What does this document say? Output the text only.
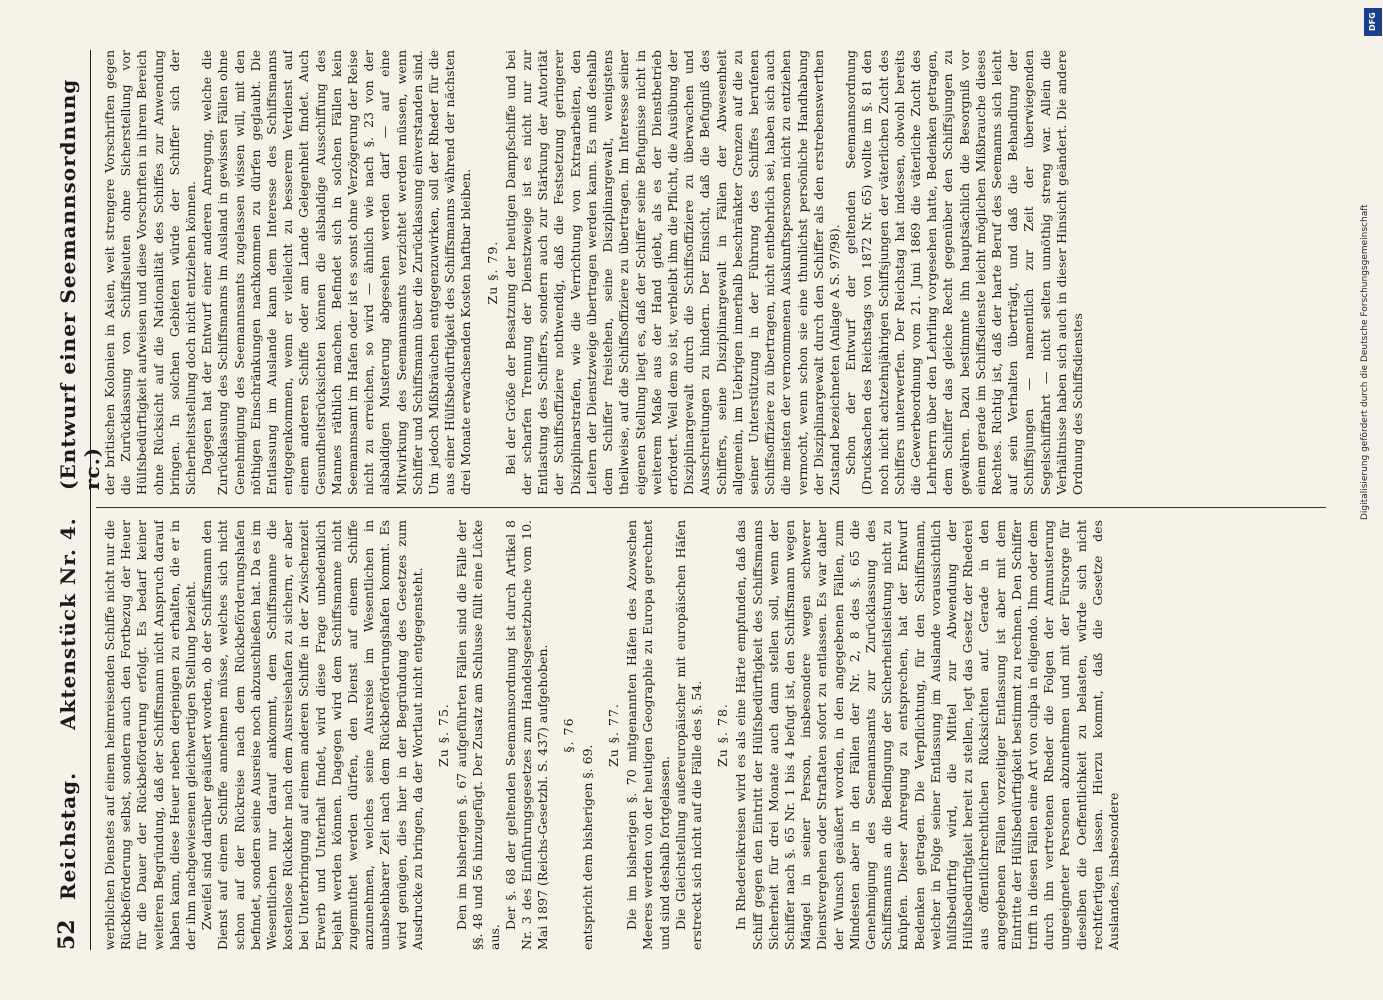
52
Reichstag.
Aktenstück Nr. 4.
(Entwurf einer Seemannsordnung rc.)

werblichen Dienstes auf einem heimreisenden Schiffe nicht nur die Rückbeförderung selbst, sondern auch den Fortbezug der Heuer für die Dauer der Rückbeförderung erfolgt. Es bedarf keiner weiteren Begründung, daß der Schiffsmann nicht Anspruch darauf haben kann, diese Heuer neben derjenigen zu erhalten, die er in der ihm nachgewiesenen gleichwertigen Stellung bezieht. Zweifel sind darüber geäußert worden, ob der Schiffsmann den Dienst auf einem Schiffe annehmen müsse, welches sich nicht schon auf der Rückreise nach dem Rückbeförderungshafen befindet, sondern seine Ausreise noch abzuschließen hat. Da es im Wesentlichen nur darauf ankommt, dem Schiffsmanne die kostenlose Rückkehr nach dem Ausreisehafen zu sichern, er aber bei Unterbringung auf einem anderen Schiffe in der Zwischenzeit Erwerb und Unterhalt findet, wird diese Frage unbedenklich bejaht werden können. Dagegen wird dem Schiffsmanne nicht zugemuthet werden dürfen, den Dienst auf einem Schiffe anzunehmen, welches seine Ausreise im Wesentlichen in unabsehbarer Zeit nach dem Rückbeförderungshafen kommt. Es wird genügen, dies hier in der Begründung des Gesetzes zum Ausdrucke zu bringen, da der Wortlaut nicht entgegensteht. Zu §. 75. Den im bisherigen §. 67 aufgeführten Fällen sind die Fälle der §§. 48 und 56 hinzugefügt. Der Zusatz am Schlusse füllt eine Lücke aus.

Der §. 68 der geltenden Seemannsordnung ist durch Artikel 8 Nr. 3 des Einführungsgesetzes zum Handelsgesetzbuche vom 10. Mai 1897 (Reichs-Gesetzbl. S. 437) aufgehoben. §. 76

entspricht dem bisherigen §. 69.

Zu §. 77. Die im bisherigen §. 70 mitgenannten Häfen des Azowschen Meeres werden von der heutigen Geographie zu Europa gerechnet und sind deshalb fortgelassen. Die Gleichstellung außereuropäischer mit europäischen Häfen erstreckt sich nicht auf die Fälle des §. 54. Zu §. 78. In Rhedereikreisen wird es als eine Härte empfunden, daß das Schiff gegen den Eintritt der Hülfsbedürftigkeit des Schiffsmanns Sicherheit für drei Monate auch dann stellen soll, wenn der Schiffer nach §. 65 Nr. 1 bis 4 befugt ist, den Schiffsmann wegen Mängel in seiner Person, insbesondere wegen schwerer Dienstvergehen oder Straftaten sofort zu entlassen. Es war daher der Wunsch geäußert worden, in den angegebenen Fällen, zum Mindesten aber in den Fällen der Nr. 2, 8 des §. 65 die Genehmigung des Seemannsamts zur Zurücklassung des Schiffsmanns an die Bedingung der Sicherheitsleistung nicht zu knüpfen. Dieser Anregung zu entsprechen, hat der Entwurf Bedenken getragen. Die Verpflichtung, für den Schiffsmann, welcher in Folge seiner Entlassung im Auslande voraussichtlich hülfsbedürftig wird, die Mittel zur Abwendung der Hülfsbedürftigkeit bereit zu stellen, legt das Gesetz der Rhederei aus öffentlichrechtlichen Rücksichten auf. Gerade in den angegebenen Fällen vorzeitiger Entlassung ist aber mit dem Eintritte der Hülfsbedürftigkeit bestimmt zu rechnen. Den Schiffer trifft in diesen Fällen eine Art von culpa in eligendo. Ihm oder dem durch ihn vertretenen Rheder die Folgen der Anmusterung ungeeigneter Personen abzunehmen und mit der Fürsorge für dieselben die Oeffentlichkeit zu belasten, würde sich nicht rechtfertigen lassen. Hierzu kommt, daß die Gesetze des Auslandes, insbesondere

der britischen Kolonien in Asien, weit strengere Vorschriften gegen die Zurücklassung von Schiffsleuten ohne Sicherstellung vor Hülfsbedürftigkeit aufweisen und diese Vorschriften in ihrem Bereich ohne Rücksicht auf die Nationalität des Schiffes zur Anwendung bringen. In solchen Gebieten würde der Schiffer sich der Sicherheitsstellung doch nicht entziehen können. Dagegen hat der Entwurf einer anderen Anregung, welche die Zurücklassung des Schiffsmanns im Ausland in gewissen Fällen ohne Genehmigung des Seemannsamts zugelassen wissen will, mit den nöthigen Einschränkungen nachkommen zu dürfen geglaubt. Die Entlassung im Auslande kann dem Interesse des Schiffsmanns entgegenkommen, wenn er vielleicht zu besserem Verdienst auf einem anderen Schiffe oder am Lande Gelegenheit findet. Auch Gesundheitsrücksichten können die alsbaldige Ausschiffung des Mannes räthlich machen. Befindet sich in solchen Fällen kein Seemannsamt im Hafen oder ist es sonst ohne Verzögerung der Reise nicht zu erreichen, so wird — ähnlich wie nach §. 23 von der alsbaldigen Musterung abgesehen werden darf — auf eine Mitwirkung des Seemannsamts verzichtet werden müssen, wenn Schiffer und Schiffsmann über die Zurücklassung einverstanden sind. Um jedoch Mißbräuchen entgegenzuwirken, soll der Rheder für die aus einer Hülfsbedürftigkeit des Schiffsmanns während der nächsten drei Monate erwachsenden Kosten haftbar bleiben. Zu §. 79. Bei der Größe der Besatzung der heutigen Dampfschiffe und bei der scharfen Trennung der Dienstzweige ist es nicht nur zur Entlastung des Schiffers, sondern auch zur Stärkung der Autorität der Schiffsoffiziere nothwendig, daß die Festsetzung geringerer Disziplinarstrafen, wie die Verrichtung von Extraarbeiten, den Leitern der Dienstzweige übertragen werden kann. Es muß deshalb dem Schiffer freistehen, seine Disziplinargewalt, wenigstens theilweise, auf die Schiffsoffiziere zu übertragen. Im Interesse seiner eigenen Stellung liegt es, daß der Schiffer seine Befugnisse nicht in weiterem Maße aus der Hand giebt, als es der Dienstbetrieb erfordert. Weil dem so ist, verbleibt ihm die Pflicht, die Ausübung der Disziplinargewalt durch die Schiffsoffiziere zu überwachen und Ausschreitungen zu hindern. Der Einsicht, daß die Befugniß des Schiffers, seine Disziplinargewalt in Fällen der Abwesenheit allgemein, im Uebrigen innerhalb beschränkter Grenzen auf die zu seiner Unterstützung in der Führung des Schiffes berufenen Schiffsoffiziere zu übertragen, nicht entbehrlich sei, haben sich auch die meisten der vernommenen Auskunftspersonen nicht zu entziehen vermocht, wenn schon sie eine thunlichst persönliche Handhabung der Disziplinargewalt durch den Schiffer als den erstrebenswerthen Zustand bezeichneten (Anlage A S. 97/98). Schon der Entwurf der geltenden Seemannsordnung (Drucksachen des Reichstags von 1872 Nr. 65) wollte im §. 81 den noch nicht achtzehnjährigen Schiffsjungen der väterlichen Zucht des Schiffers unterwerfen. Der Reichstag hat indessen, obwohl bereits die Gewerbeordnung vom 21. Juni 1869 die väterliche Zucht des Lehrherrn über den Lehrling vorgesehen hatte, Bedenken getragen, dem Schiffer das gleiche Recht gegenüber den Schiffsjungen zu gewähren. Dazu bestimmte ihn hauptsächlich die Besorgniß vor einem gerade im Schiffsdienste leicht möglichen Mißbrauche dieses Rechtes. Richtig ist, daß der harte Beruf des Seemanns sich leicht auf sein Verhalten überträgt, und daß die Behandlung der Schiffsjungen — namentlich zur Zeit der überwiegenden Segelschifffahrt — nicht selten unnöthig streng war. Allein die Verhältnisse haben sich auch in dieser Hinsicht geändert. Die andere Ordnung des Schiffsdienstes

DFG
Digitalisierung gefördert durch die Deutsche Forschungsgemeinschaft
